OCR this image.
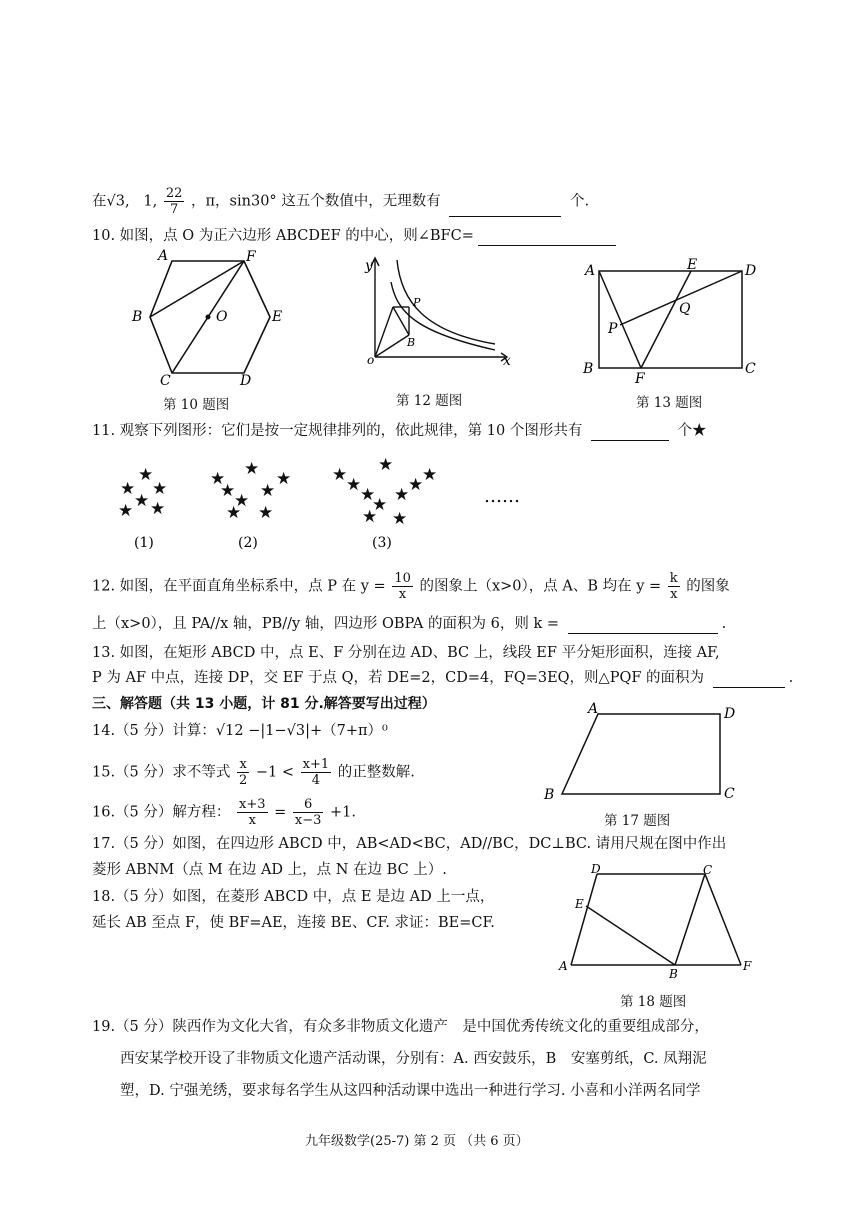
在√3, 1, $\frac{22}{7}$ ，π，sin30° 这五个数值中，无理数有	个.
10. 如图，点 O 为正六边形 ABCDEF 的中心，则∠BFC=
A	F
B	O	E
C	D
第 10 题图
y
x
o
P
B
第 12 题图
A	E	D
Q
P
B
F
C
第 13 题图
11. 观察下列图形：它们是按一定规律排列的，依此规律，第 10 个图形共有	个★
★
★ ★
★
★ ★
★
★	★
★ ★
★
★ ★
★
★	★
★	★
★ ★
★
★ ★
……
(1)	(2)	(3)
12. 如图，在平面直角坐标系中，点 P 在 $y = \frac{10}{x}$ 的图象上（x>0），点 A、B 均在 $y = \frac{k}{x}$ 的图象
上（x>0），且 PA//x 轴，PB//y 轴，四边形 OBPA 的面积为 6，则 k =	.
13. 如图，在矩形 ABCD 中，点 E、F 分别在边 AD、BC 上，线段 EF 平分矩形面积，连接 AF,
P 为 AF 中点，连接 DP，交 EF 于点 Q，若 DE=2，CD=4，FQ=3EQ，则△PQF 的面积为	.
三、解答题（共 13 小题，计 81 分.解答要写出过程）	A	D
B	C
第 17 题图
14.（5 分）计算：√12 −|1−√3|+（7+π）⁰
15.（5 分）求不等式 $\frac{x}{2} -1 < \frac{x+1}{4}$ 的正整数解.
16.（5 分）解方程： $\frac{x+3}{x} = \frac{6}{x-3} +1$.
17.（5 分）如图，在四边形 ABCD 中，AB<AD<BC，AD//BC，DC⊥BC. 请用尺规在图中作出
菱形 ABNM（点 M 在边 AD 上，点 N 在边 BC 上）.
18.（5 分）如图，在菱形 ABCD 中，点 E 是边 AD 上一点，
延长 AB 至点 F，使 BF=AE，连接 BE、CF. 求证：BE=CF.
D	C
E
A
B
F
第 18 题图
19.（5 分）陕西作为文化大省，有众多非物质文化遗产　是中国优秀传统文化的重要组成部分，
西安某学校开设了非物质文化遗产活动课，分别有：A. 西安鼓乐，B　安塞剪纸，C. 凤翔泥
塑，D. 宁强羌绣，要求每名学生从这四种活动课中选出一种进行学习. 小喜和小洋两名同学
九年级数学(25-7) 第 2 页 （共 6 页）
